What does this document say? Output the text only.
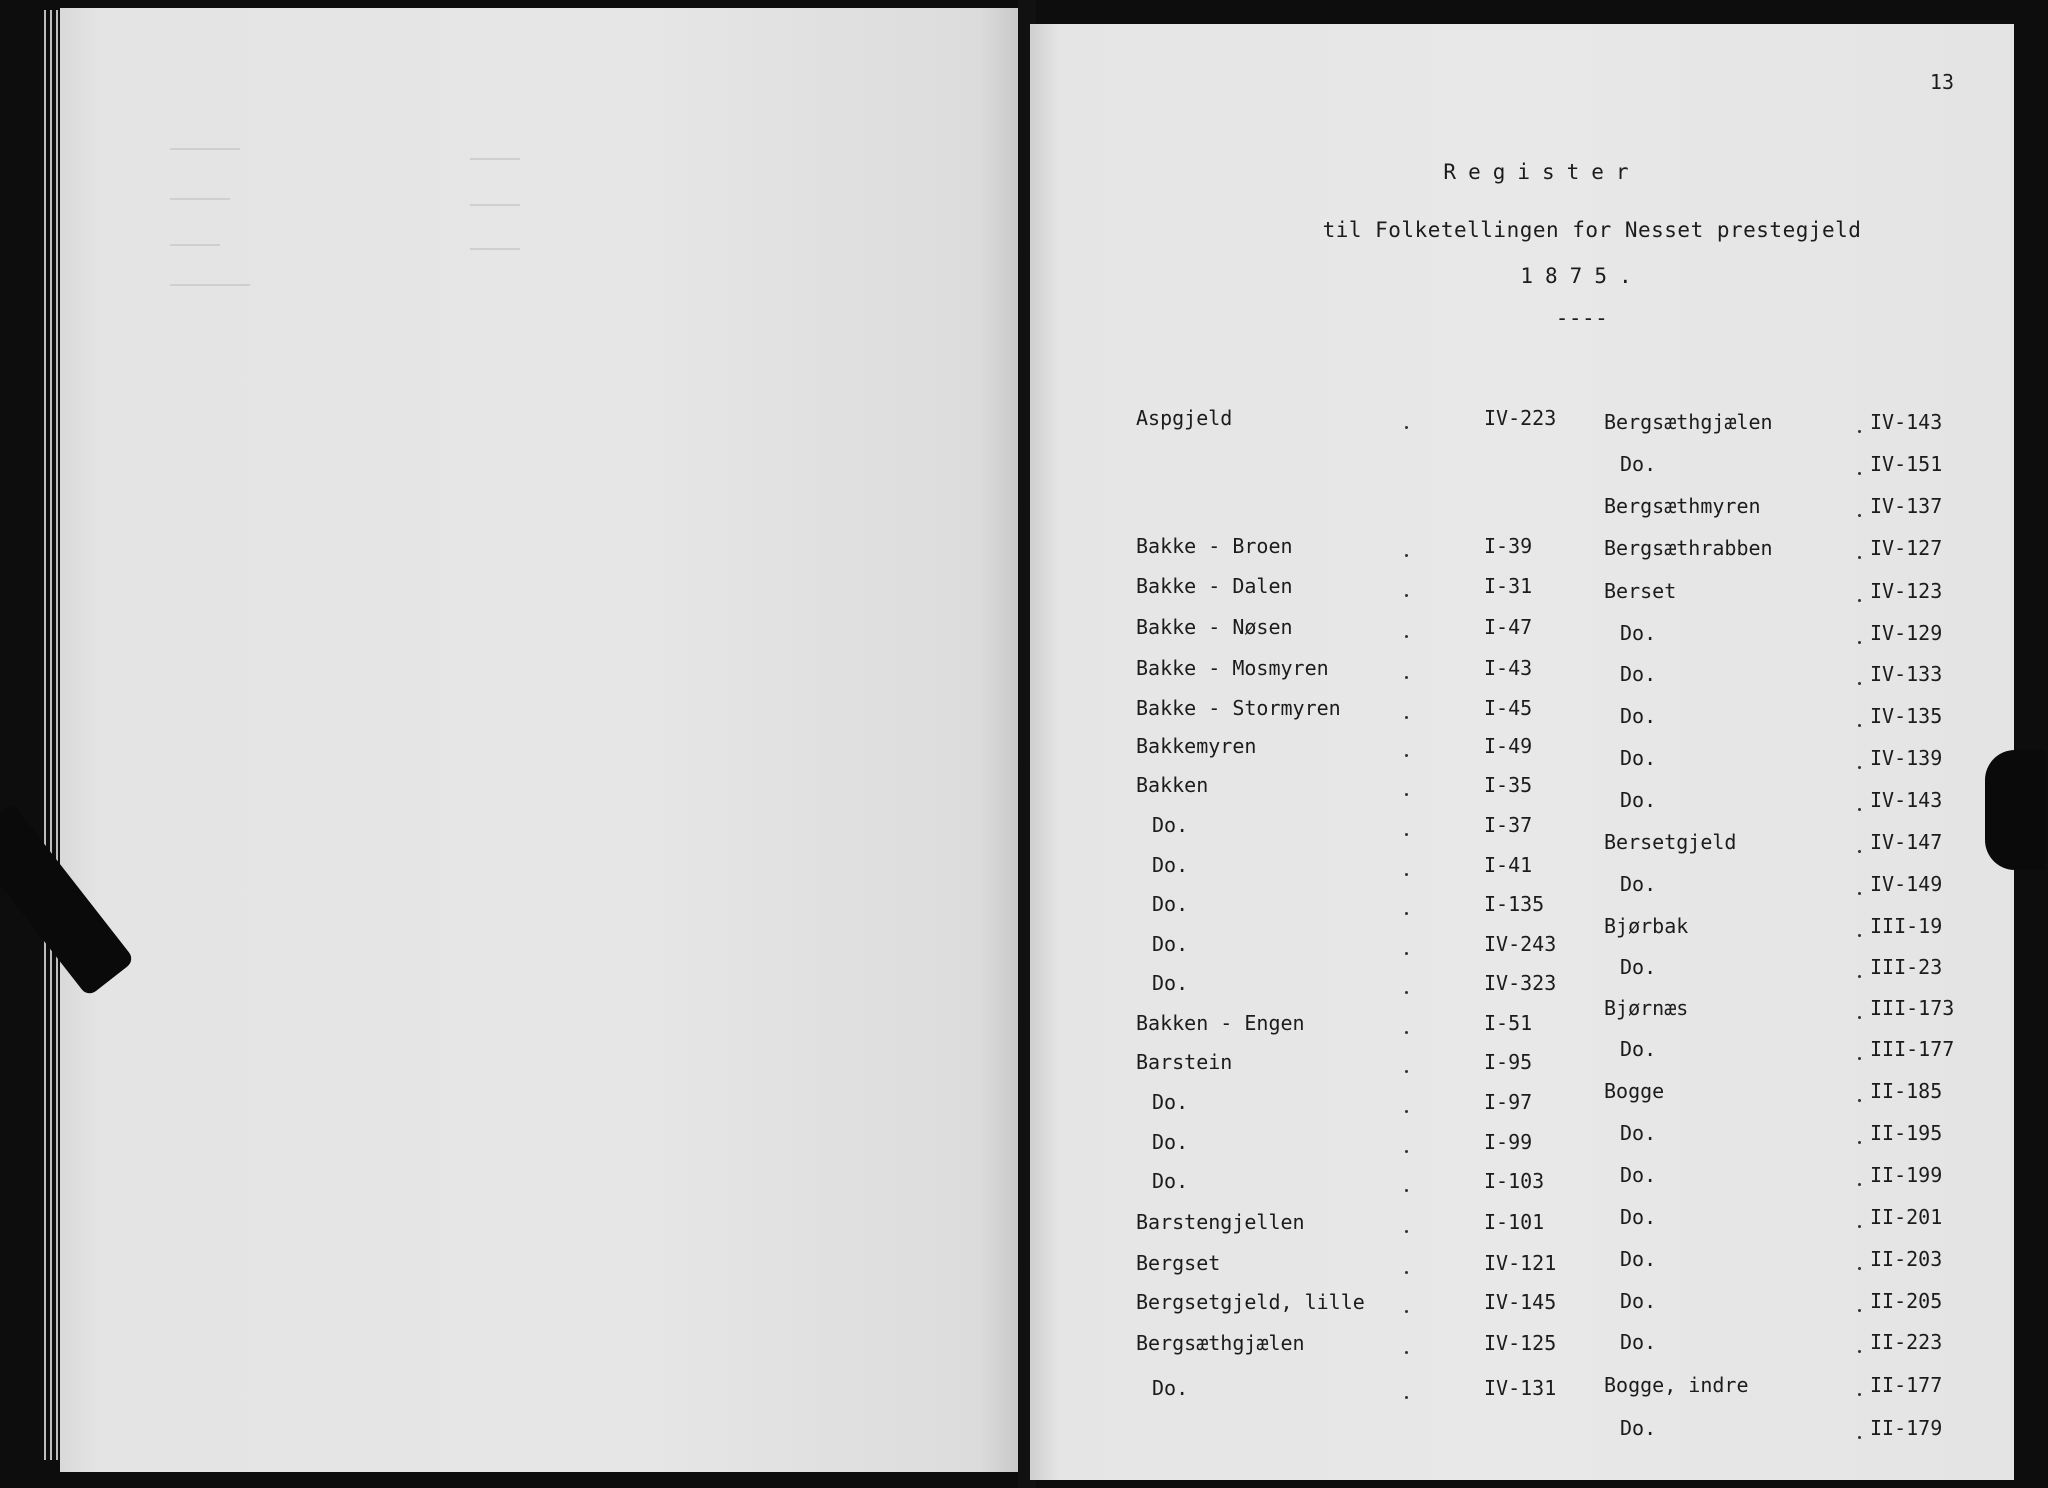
13
Register
til Folketellingen for Nesset prestegjeld
1875.
----
Aspgjeld	IV-223
Bakke - Broen	I-39
Bakke - Dalen	I-31
Bakke - Nøsen	I-47
Bakke - Mosmyren	I-43
Bakke - Stormyren	I-45
Bakkemyren	I-49
Bakken	I-35
Do.	I-37
Do.	I-41
Do.	I-135
Do.	IV-243
Do.	IV-323
Bakken - Engen	I-51
Barstein	I-95
Do.	I-97
Do.	I-99
Do.	I-103
Barstengjellen	I-101
Bergset	IV-121
Bergsetgjeld, lille	IV-145
Bergsæthgjælen	IV-125
Do.	IV-131
Bergsæthgjælen	IV-143
Do.	IV-151
Bergsæthmyren	IV-137
Bergsæthrabben	IV-127
Berset	IV-123
Do.	IV-129
Do.	IV-133
Do.	IV-135
Do.	IV-139
Do.	IV-143
Bersetgjeld	IV-147
Do.	IV-149
Bjørbak	III-19
Do.	III-23
Bjørnæs	III-173
Do.	III-177
Bogge	II-185
Do.	II-195
Do.	II-199
Do.	II-201
Do.	II-203
Do.	II-205
Do.	II-223
Bogge, indre	II-177
Do.	II-179
